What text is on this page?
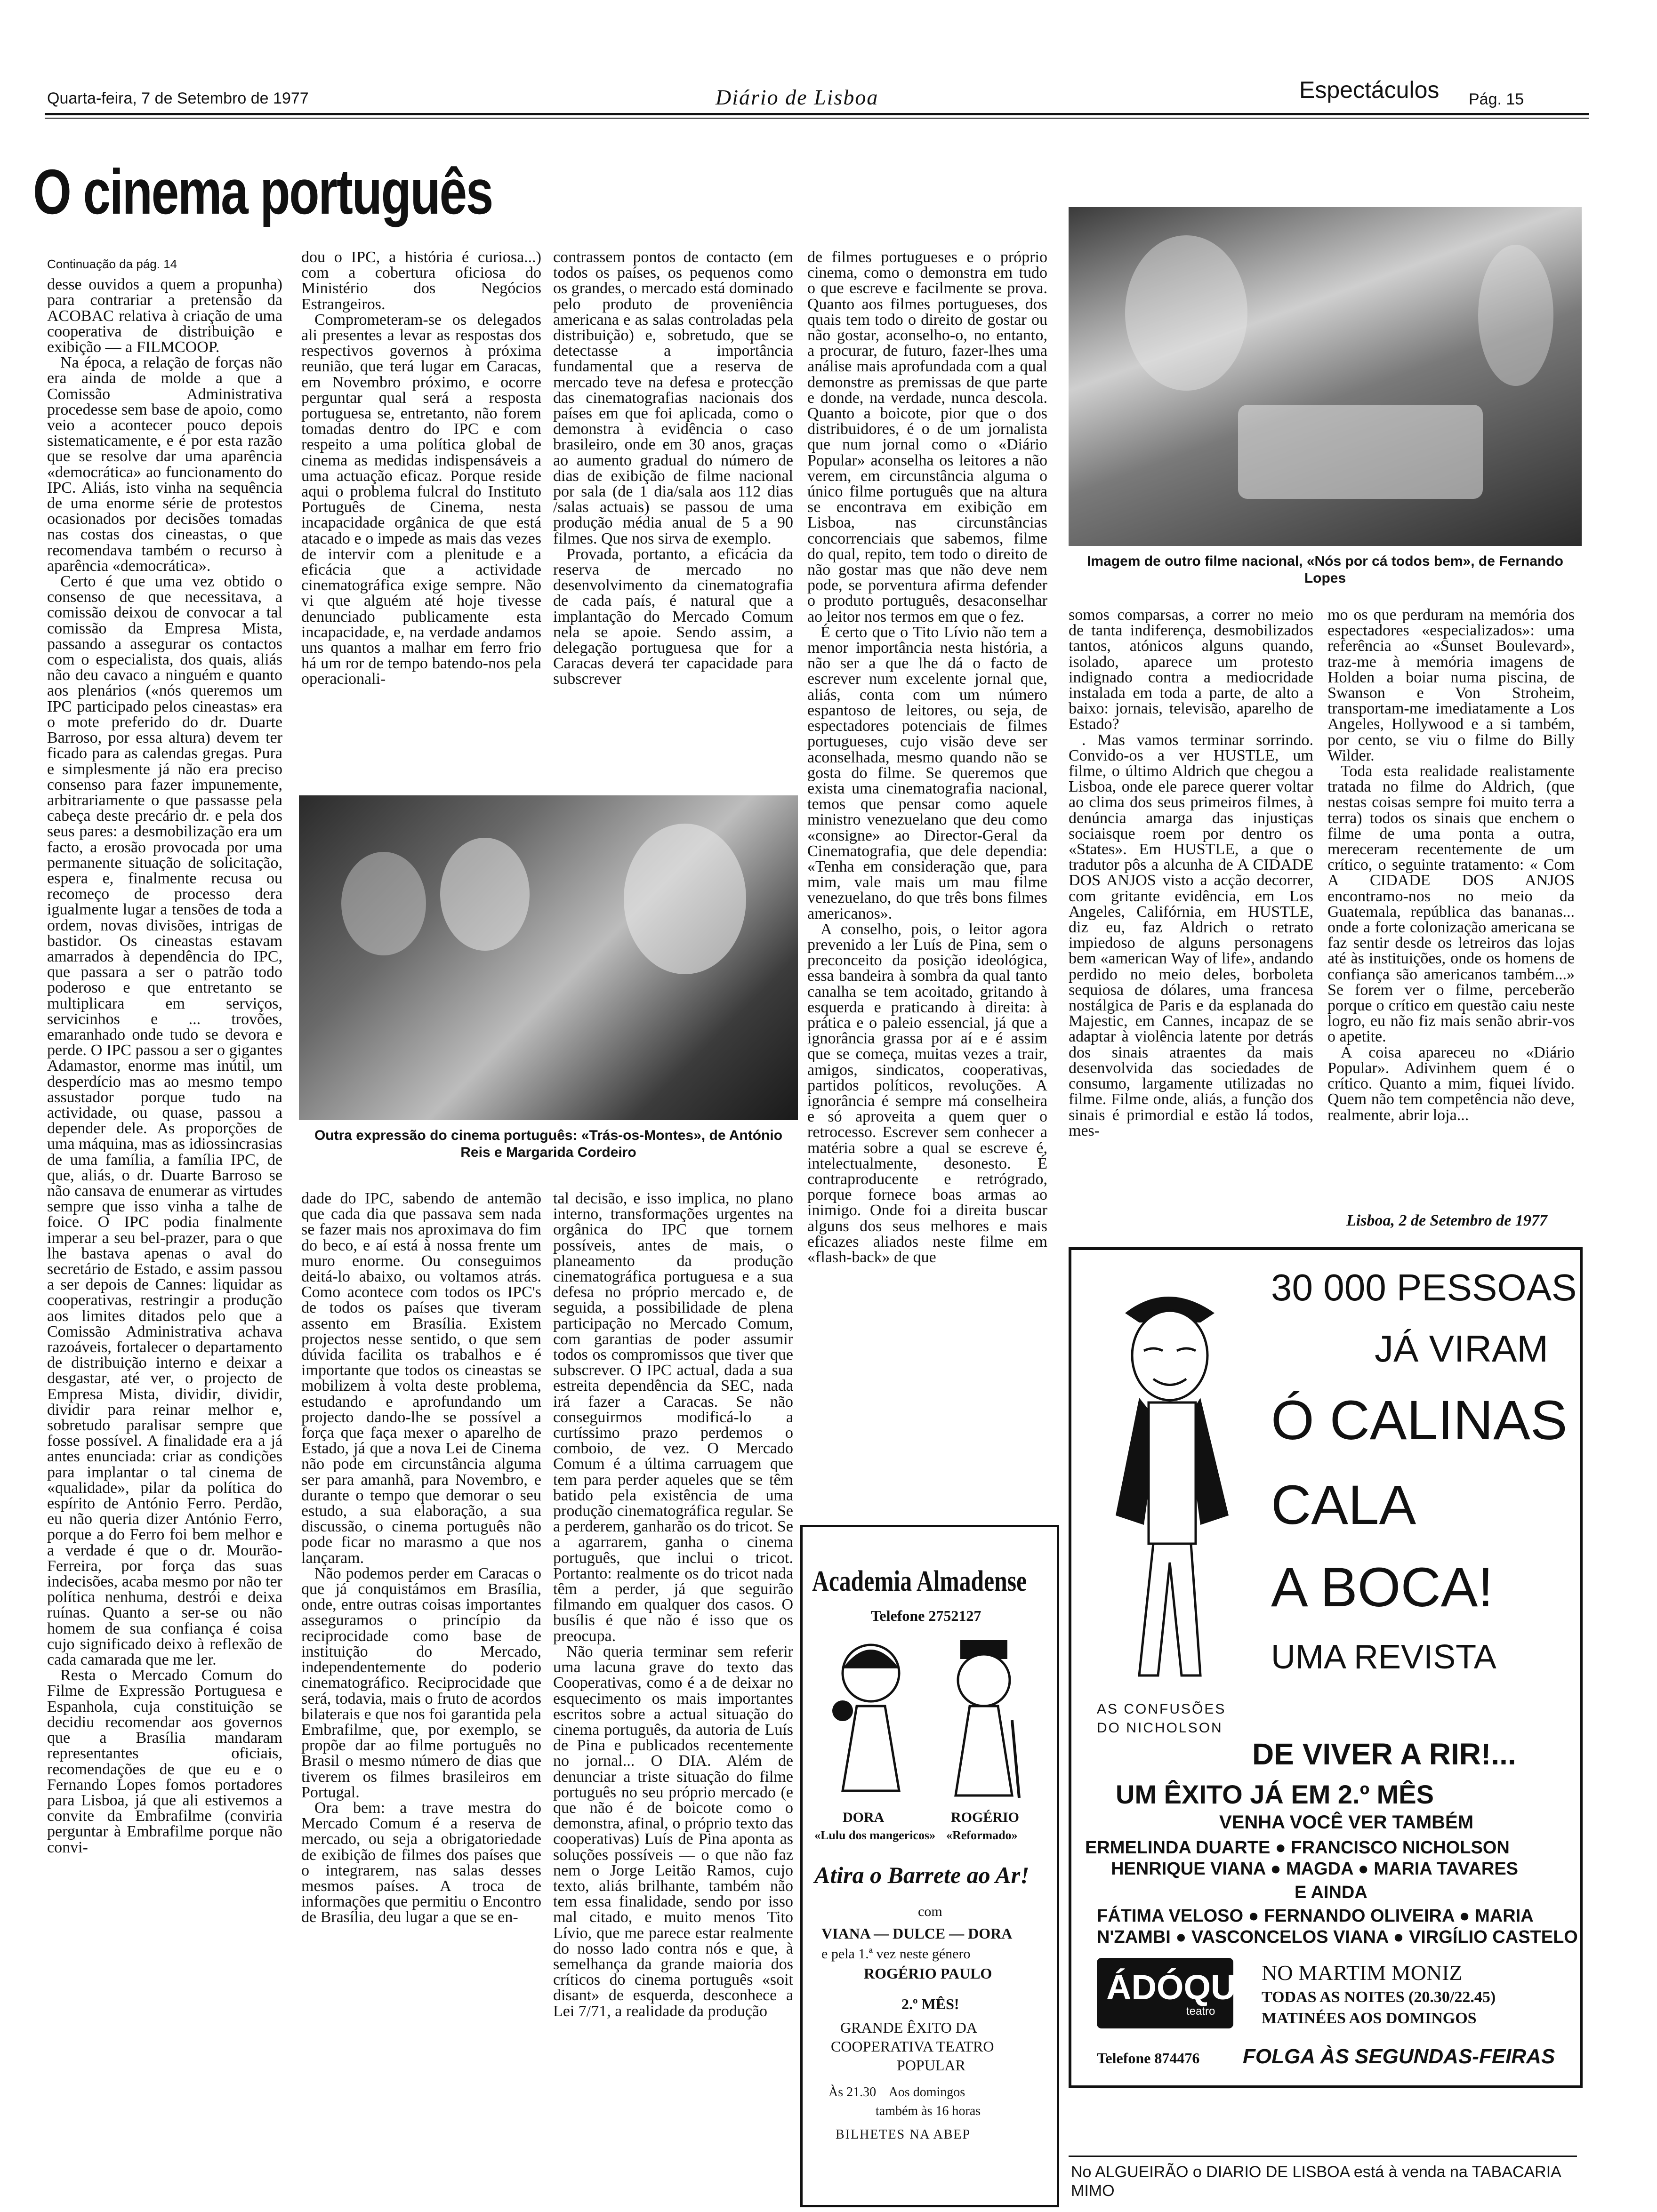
Quarta-feira, 7 de Setembro de 1977	Diário de Lisboa	Espectáculos Pág. 15
O cinema português

Continuação da pág. 14

desse ouvidos a quem a propunha) para contrariar a pretensão da ACOBAC relativa à criação de uma cooperativa de distribuição e exibição — a FILMCOOP.

Na época, a relação de forças não era ainda de molde a que a Comissão Administrativa procedesse sem base de apoio, como veio a acontecer pouco depois sistematicamente, e é por esta razão que se resolve dar uma aparência «democrática» ao funcionamento do IPC. Aliás, isto vinha na sequência de uma enorme série de protestos ocasionados por decisões tomadas nas costas dos cineastas, o que recomendava também o recurso à aparência «democrática».

Certo é que uma vez obtido o consenso de que necessitava, a comissão deixou de convocar a tal comissão da Empresa Mista, passando a assegurar os contactos com o especialista, dos quais, aliás não deu cavaco a ninguém e quanto aos plenários («nós queremos um IPC participado pelos cineastas» era o mote preferido do dr. Duarte Barroso, por essa altura) devem ter ficado para as calendas gregas. Pura e simplesmente já não era preciso consenso para fazer impunemente, arbitrariamente o que passasse pela cabeça deste precário dr. e pela dos seus pares: a desmobilização era um facto, a erosão provocada por uma permanente situação de solicitação, espera e, finalmente recusa ou recomeço de processo dera igualmente lugar a tensões de toda a ordem, novas divisões, intrigas de bastidor. Os cineastas estavam amarrados à dependência do IPC, que passara a ser o patrão todo poderoso e que entretanto se multiplicara em serviços, servicinhos e ... trovões, emaranhado onde tudo se devora e perde. O IPC passou a ser o gigantes Adamastor, enorme mas inútil, um desperdício mas ao mesmo tempo assustador porque tudo na actividade, ou quase, passou a depender dele. As proporções de uma máquina, mas as idiossincrasias de uma família, a família IPC, de que, aliás, o dr. Duarte Barroso se não cansava de enumerar as virtudes sempre que isso vinha a talhe de foice. O IPC podia finalmente imperar a seu bel-prazer, para o que lhe bastava apenas o aval do secretário de Estado, e assim passou a ser depois de Cannes: liquidar as cooperativas, restringir a produção aos limites ditados pelo que a Comissão Administrativa achava razoáveis, fortalecer o departamento de distribuição interno e deixar a desgastar, até ver, o projecto de Empresa Mista, dividir, dividir, dividir para reinar melhor e, sobretudo paralisar sempre que fosse possível. A finalidade era a já antes enunciada: criar as condições para implantar o tal cinema de «qualidade», pilar da política do espírito de António Ferro. Perdão, eu não queria dizer António Ferro, porque a do Ferro foi bem melhor e a verdade é que o dr. Mourão-Ferreira, por força das suas indecisões, acaba mesmo por não ter política nenhuma, destrói e deixa ruínas. Quanto a ser-se ou não homem de sua confiança é coisa cujo significado deixo à reflexão de cada camarada que me ler.

Resta o Mercado Comum do Filme de Expressão Portuguesa e Espanhola, cuja constituição se decidiu recomendar aos governos que a Brasília mandaram representantes oficiais, recomendações de que eu e o Fernando Lopes fomos portadores para Lisboa, já que ali estivemos a convite da Embrafilme (conviria perguntar à Embrafilme porque não convi-

dou o IPC, a história é curiosa...) com a cobertura oficiosa do Ministério dos Negócios Estrangeiros.

Comprometeram-se os delegados ali presentes a levar as respostas dos respectivos governos à próxima reunião, que terá lugar em Caracas, em Novembro próximo, e ocorre perguntar qual será a resposta portuguesa se, entretanto, não forem tomadas dentro do IPC e com respeito a uma política global de cinema as medidas indispensáveis a uma actuação eficaz. Porque reside aqui o problema fulcral do Instituto Português de Cinema, nesta incapacidade orgânica de que está atacado e o impede as mais das vezes de intervir com a plenitude e a eficácia que a actividade cinematográfica exige sempre. Não vi que alguém até hoje tivesse denunciado publicamente esta incapacidade, e, na verdade andamos uns quantos a malhar em ferro frio há um ror de tempo batendo-nos pela operacionali-

contrassem pontos de contacto (em todos os países, os pequenos como os grandes, o mercado está dominado pelo produto de proveniência americana e as salas controladas pela distribuição) e, sobretudo, que se detectasse a importância fundamental que a reserva de mercado teve na defesa e protecção das cinematografias nacionais dos países em que foi aplicada, como o demonstra à evidência o caso brasileiro, onde em 30 anos, graças ao aumento gradual do número de dias de exibição de filme nacional por sala (de 1 dia/sala aos 112 dias /salas actuais) se passou de uma produção média anual de 5 a 90 filmes. Que nos sirva de exemplo.

Provada, portanto, a eficácia da reserva de mercado no desenvolvimento da cinematografia de cada país, é natural que a implantação do Mercado Comum nela se apoie. Sendo assim, a delegação portuguesa que for a Caracas deverá ter capacidade para subscrever

Outra expressão do cinema português: «Trás-os-Montes», de António Reis e Margarida Cordeiro

dade do IPC, sabendo de antemão que cada dia que passava sem nada se fazer mais nos aproximava do fim do beco, e aí está à nossa frente um muro enorme. Ou conseguimos deitá-lo abaixo, ou voltamos atrás. Como acontece com todos os IPC's de todos os países que tiveram assento em Brasília. Existem projectos nesse sentido, o que sem dúvida facilita os trabalhos e é importante que todos os cineastas se mobilizem à volta deste problema, estudando e aprofundando um projecto dando-lhe se possível a força que faça mexer o aparelho de Estado, já que a nova Lei de Cinema não pode em circunstância alguma ser para amanhã, para Novembro, e durante o tempo que demorar o seu estudo, a sua elaboração, a sua discussão, o cinema português não pode ficar no marasmo a que nos lançaram.

Não podemos perder em Caracas o que já conquistámos em Brasília, onde, entre outras coisas importantes asseguramos o princípio da reciprocidade como base de instituição do Mercado, independentemente do poderio cinematográfico. Reciprocidade que será, todavia, mais o fruto de acordos bilaterais e que nos foi garantida pela Embrafilme, que, por exemplo, se propõe dar ao filme português no Brasil o mesmo número de dias que tiverem os filmes brasileiros em Portugal.

Ora bem: a trave mestra do Mercado Comum é a reserva de mercado, ou seja a obrigatoriedade de exibição de filmes dos países que o integrarem, nas salas desses mesmos países. A troca de informações que permitiu o Encontro de Brasília, deu lugar a que se en-

tal decisão, e isso implica, no plano interno, transformações urgentes na orgânica do IPC que tornem possíveis, antes de mais, o planeamento da produção cinematográfica portuguesa e a sua defesa no próprio mercado e, de seguida, a possibilidade de plena participação no Mercado Comum, com garantias de poder assumir todos os compromissos que tiver que subscrever. O IPC actual, dada a sua estreita dependência da SEC, nada irá fazer a Caracas. Se não conseguirmos modificá-lo a curtíssimo prazo perdemos o comboio, de vez. O Mercado Comum é a última carruagem que tem para perder aqueles que se têm batido pela existência de uma produção cinematográfica regular. Se a perderem, ganharão os do tricot. Se a agarrarem, ganha o cinema português, que inclui o tricot. Portanto: realmente os do tricot nada têm a perder, já que seguirão filmando em qualquer dos casos. O busílis é que não é isso que os preocupa.

Não queria terminar sem referir uma lacuna grave do texto das Cooperativas, como é a de deixar no esquecimento os mais importantes escritos sobre a actual situação do cinema português, da autoria de Luís de Pina e publicados recentemente no jornal... O DIA. Além de denunciar a triste situação do filme português no seu próprio mercado (e que não é de boicote como o demonstra, afinal, o próprio texto das cooperativas) Luís de Pina aponta as soluções possíveis — o que não faz nem o Jorge Leitão Ramos, cujo texto, aliás brilhante, também não tem essa finalidade, sendo por isso mal citado, e muito menos Tito Lívio, que me parece estar realmente do nosso lado contra nós e que, à semelhança da grande maioria dos críticos do cinema português «soit disant» de esquerda, desconhece a Lei 7/71, a realidade da produção

de filmes portugueses e o próprio cinema, como o demonstra em tudo o que escreve e facilmente se prova. Quanto aos filmes portugueses, dos quais tem todo o direito de gostar ou não gostar, aconselho-o, no entanto, a procurar, de futuro, fazer-lhes uma análise mais aprofundada com a qual demonstre as premissas de que parte e donde, na verdade, nunca descola. Quanto a boicote, pior que o dos distribuidores, é o de um jornalista que num jornal como o «Diário Popular» aconselha os leitores a não verem, em circunstância alguma o único filme português que na altura se encontrava em exibição em Lisboa, nas circunstâncias concorrenciais que sabemos, filme do qual, repito, tem todo o direito de não gostar mas que não deve nem pode, se porventura afirma defender o produto português, desaconselhar ao leitor nos termos em que o fez.

É certo que o Tito Lívio não tem a menor importância nesta história, a não ser a que lhe dá o facto de escrever num excelente jornal que, aliás, conta com um número espantoso de leitores, ou seja, de espectadores potenciais de filmes portugueses, cujo visão deve ser aconselhada, mesmo quando não se gosta do filme. Se queremos que exista uma cinematografia nacional, temos que pensar como aquele ministro venezuelano que deu como «consigne» ao Director-Geral da Cinematografia, que dele dependia: «Tenha em consideração que, para mim, vale mais um mau filme venezuelano, do que três bons filmes americanos».

A conselho, pois, o leitor agora prevenido a ler Luís de Pina, sem o preconceito da posição ideológica, essa bandeira à sombra da qual tanto canalha se tem acoitado, gritando à esquerda e praticando à direita: à prática e o paleio essencial, já que a ignorância grassa por aí e é assim que se começa, muitas vezes a trair, amigos, sindicatos, cooperativas, partidos políticos, revoluções. A ignorância é sempre má conselheira e só aproveita a quem quer o retrocesso. Escrever sem conhecer a matéria sobre a qual se escreve é, intelectualmente, desonesto. É contraproducente e retrógrado, porque fornece boas armas ao inimigo. Onde foi a direita buscar alguns dos seus melhores e mais eficazes aliados neste filme em «flash-back» de que

Imagem de outro filme nacional, «Nós por cá todos bem», de Fernando Lopes

somos comparsas, a correr no meio de tanta indiferença, desmobilizados tantos, atónicos alguns quando, isolado, aparece um protesto indignado contra a mediocridade instalada em toda a parte, de alto a baixo: jornais, televisão, aparelho de Estado?

. Mas vamos terminar sorrindo. Convido-os a ver HUSTLE, um filme, o último Aldrich que chegou a Lisboa, onde ele parece querer voltar ao clima dos seus primeiros filmes, à denúncia amarga das injustiças sociaisque roem por dentro os «States». Em HUSTLE, a que o tradutor pôs a alcunha de A CIDADE DOS ANJOS visto a acção decorrer, com gritante evidência, em Los Angeles, Califórnia, em HUSTLE, diz eu, faz Aldrich o retrato impiedoso de alguns personagens bem «american Way of life», andando perdido no meio deles, borboleta sequiosa de dólares, uma francesa nostálgica de Paris e da esplanada do Majestic, em Cannes, incapaz de se adaptar à violência latente por detrás dos sinais atraentes da mais desenvolvida das sociedades de consumo, largamente utilizadas no filme. Filme onde, aliás, a função dos sinais é primordial e estão lá todos, mes-

mo os que perduram na memória dos espectadores «especializados»: uma referência ao «Sunset Boulevard», traz-me à memória imagens de Holden a boiar numa piscina, de Swanson e Von Stroheim, transportam-me imediatamente a Los Angeles, Hollywood e a si também, por cento, se viu o filme do Billy Wilder.

Toda esta realidade realistamente tratada no filme do Aldrich, (que nestas coisas sempre foi muito terra a terra) todos os sinais que enchem o filme de uma ponta a outra, mereceram recentemente de um crítico, o seguinte tratamento: « Com A CIDADE DOS ANJOS encontramo-nos no meio da Guatemala, república das bananas... onde a forte colonização americana se faz sentir desde os letreiros das lojas até às instituições, onde os homens de confiança são americanos também...» Se forem ver o filme, perceberão porque o crítico em questão caiu neste logro, eu não fiz mais senão abrir-vos o apetite.

A coisa apareceu no «Diário Popular». Adivinhem quem é o crítico. Quanto a mim, fiquei lívido. Quem não tem competência não deve, realmente, abrir loja...

Lisboa, 2 de Setembro de 1977
AS CONFUSÕES
DO NICHOLSON
30 000 PESSOAS
JÁ VIRAM
Ó CALINAS
CALA
A BOCA!
UMA REVISTA
DE VIVER A RIR!...
UM ÊXITO JÁ EM 2.º MÊS
VENHA VOCÊ VER TAMBÉM
ERMELINDA DUARTE ● FRANCISCO NICHOLSON
HENRIQUE VIANA ● MAGDA ● MARIA TAVARES
E AINDA
FÁTIMA VELOSO ● FERNANDO OLIVEIRA ● MARIA
N'ZAMBI ● VASCONCELOS VIANA ● VIRGÍLIO CASTELO
ÁDÓQUE
teatro
NO MARTIM MONIZ
TODAS AS NOITES (20.30/22.45)
MATINÉES AOS DOMINGOS
Telefone 874476 FOLGA ÀS SEGUNDAS-FEIRAS
Academia Almadense
Telefone 2752127
DORA
«Lulu dos mangericos»
ROGÉRIO
«Reformado»
Atira o Barrete ao Ar!
com
VIANA — DULCE — DORA
e pela 1.ª vez neste género
ROGÉRIO PAULO
2.º MÊS!
GRANDE ÊXITO DA
COOPERATIVA TEATRO
POPULAR
Às 21.30    Aos domingos
também às 16 horas
BILHETES NA ABEP
No ALGUEIRÃO o DIARIO DE LISBOA está à venda na TABACARIA MIMO
